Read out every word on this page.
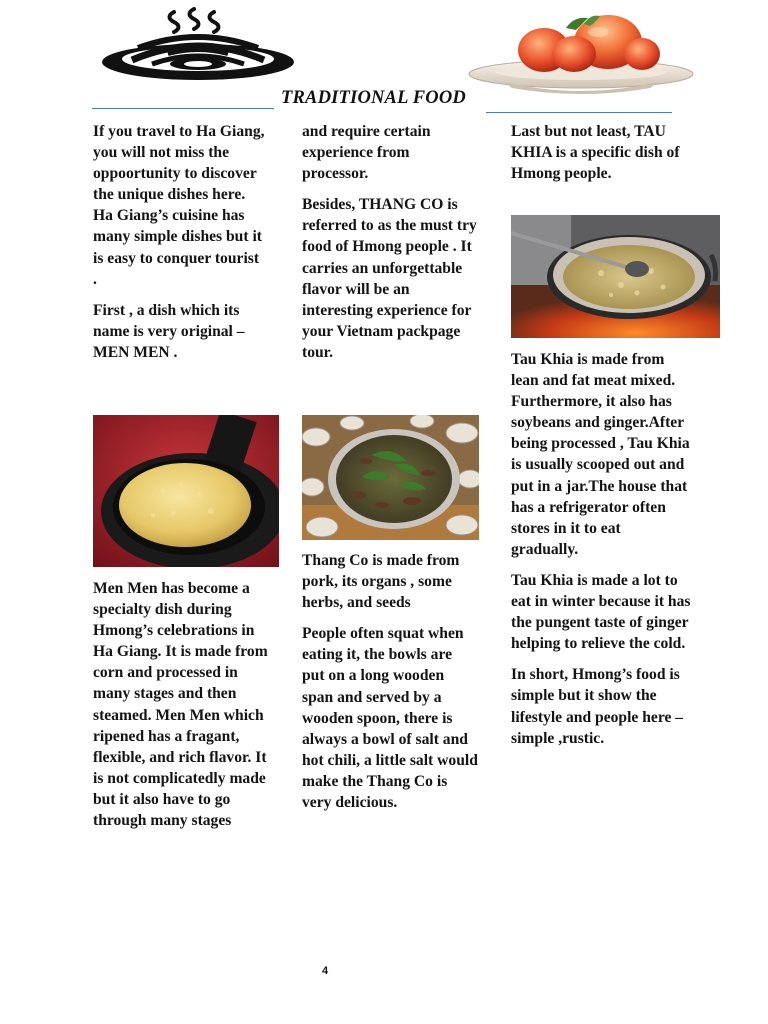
TRADITIONAL FOOD

If you travel to Ha Giang, you will not miss the oppoortunity to discover the unique dishes here. Ha Giang’s cuisine has many simple dishes but it is easy to conquer tourist .

First , a dish which its name is very original – MEN MEN .

Men Men has become a specialty dish during Hmong’s celebrations in Ha Giang. It is made from corn and processed in many stages and then steamed. Men Men which ripened has a fragant, flexible, and rich flavor. It is not complicatedly made but it also have to go through many stages

and require certain experience from processor.

Besides, THANG CO is referred to as the must try food of Hmong people . It carries an unforgettable flavor will be an interesting experience for your Vietnam packpage tour.

Thang Co is made from pork, its organs , some herbs, and seeds

People often squat when eating it, the bowls are put on a long wooden span and served by a wooden spoon, there is always a bowl of salt and hot chili, a little salt would make the Thang Co is very delicious.

Last but not least, TAU KHIA is a specific dish of Hmong people.

Tau Khia is made from lean and fat meat mixed. Furthermore, it also has soybeans and ginger.After being processed , Tau Khia is usually scooped out and put in a jar.The house that has a refrigerator often stores in it to eat gradually.

Tau Khia is made a lot to eat in winter because it has the pungent taste of ginger helping to relieve the cold.

In short, Hmong’s food is simple but it show the lifestyle and people here – simple ,rustic.

4
